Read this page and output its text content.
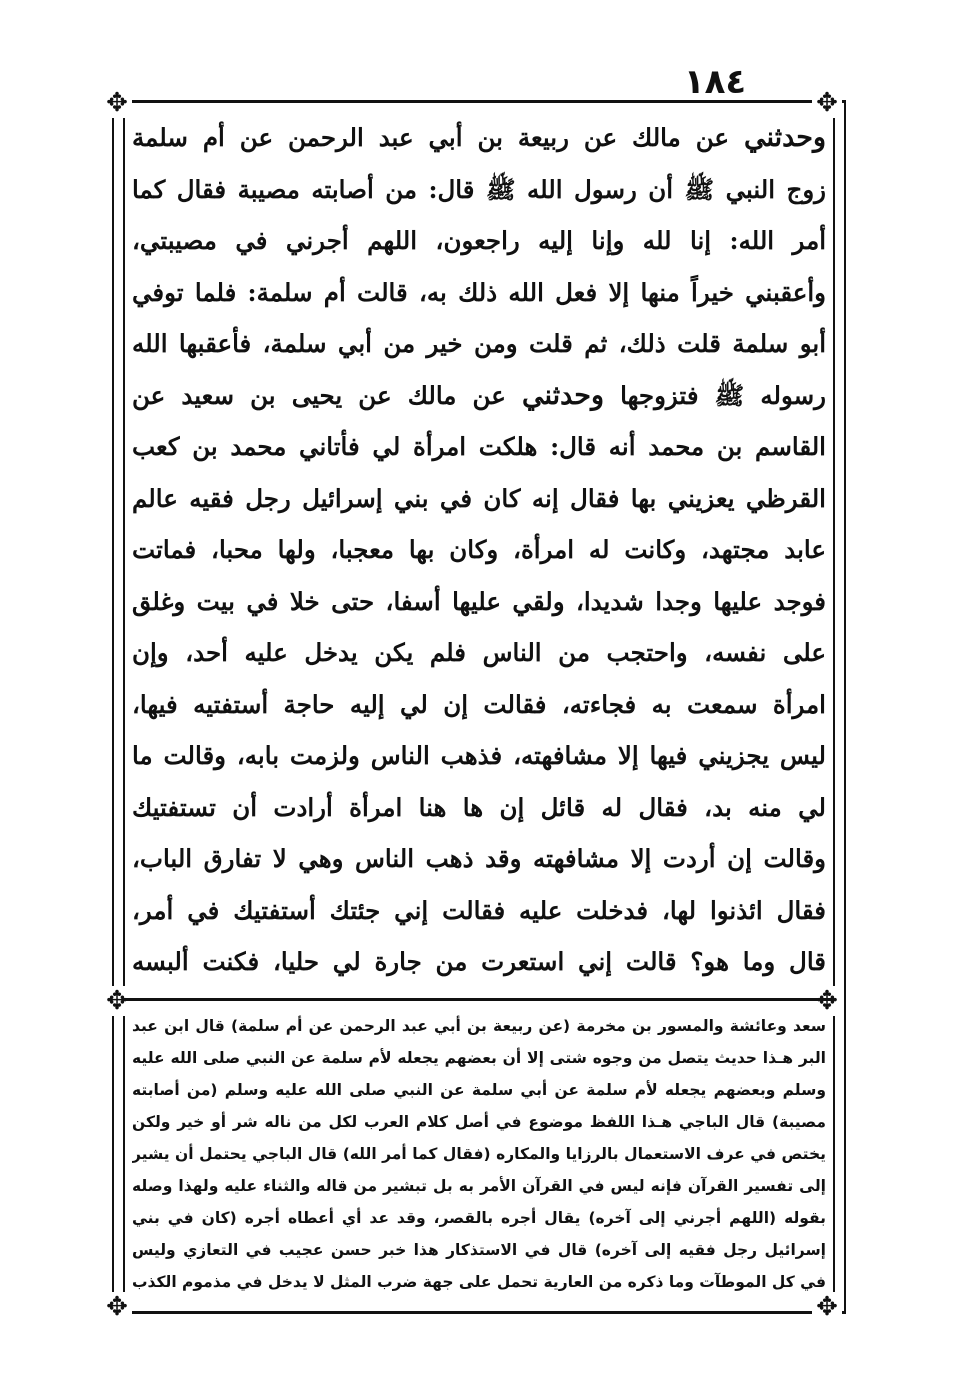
١٨٤
✥	✥
✥	✥
✥	✥
وحدثني عن مالك عن ربيعة بن أبي عبد الرحمن عن أم سلمة زوج النبي ﷺ أن رسول الله ﷺ قال: من أصابته مصيبة فقال كما أمر الله: إنا لله وإنا إليه راجعون، اللهم أجرني في مصيبتي، وأعقبني خيراً منها إلا فعل الله ذلك به، قالت أم سلمة: فلما توفي أبو سلمة قلت ذلك، ثم قلت ومن خير من أبي سلمة، فأعقبها الله رسوله ﷺ فتزوجها وحدثني عن مالك عن يحيى بن سعيد عن القاسم بن محمد أنه قال: هلكت امرأة لي فأتاني محمد بن كعب القرظي يعزيني بها فقال إنه كان في بني إسرائيل رجل فقيه عالم عابد مجتهد، وكانت له امرأة، وكان بها معجبا، ولها محبا، فماتت فوجد عليها وجدا شديدا، ولقي عليها أسفا، حتى خلا في بيت وغلق على نفسه، واحتجب من الناس فلم يكن يدخل عليه أحد، وإن امرأة سمعت به فجاءته، فقالت إن لي إليه حاجة أستفتيه فيها، ليس يجزيني فيها إلا مشافهته، فذهب الناس ولزمت بابه، وقالت ما لي منه بد، فقال له قائل إن ها هنا امرأة أرادت أن تستفتيك وقالت إن أردت إلا مشافهته وقد ذهب الناس وهي لا تفارق الباب، فقال ائذنوا لها، فدخلت عليه فقالت إني جئتك أستفتيك في أمر، قال وما هو؟ قالت إني استعرت من جارة لي حليا، فكنت ألبسه
سعد وعائشة والمسور بن مخرمة (عن ربيعة بن أبي عبد الرحمن عن أم سلمة) قال ابن عبد البر هـذا حديث يتصل من وجوه شتى إلا أن بعضهم يجعله لأم سلمة عن النبي صلى الله عليه وسلم وبعضهم يجعله لأم سلمة عن أبي سلمة عن النبي صلى الله عليه وسلم (من أصابته مصيبة) قال الباجي هـذا اللفظ موضوع في أصل كلام العرب لكل من ناله شر أو خير ولكن يختص في عرف الاستعمال بالرزايا والمكاره (فقال كما أمر الله) قال الباجي يحتمل أن يشير إلى تفسير القرآن فإنه ليس في القرآن الأمر به بل تبشير من قاله والثناء عليه ولهذا وصله بقوله (اللهم أجرني إلى آخره) يقال أجره بالقصر، وقد عد أي أعطاه أجره (كان في بني إسرائيل رجل فقيه إلى آخره) قال في الاستذكار هذا خبر حسن عجيب في التعازي وليس في كل الموطآت وما ذكره من العارية تحمل على جهة ضرب المثل لا يدخل في مذموم الكذب
